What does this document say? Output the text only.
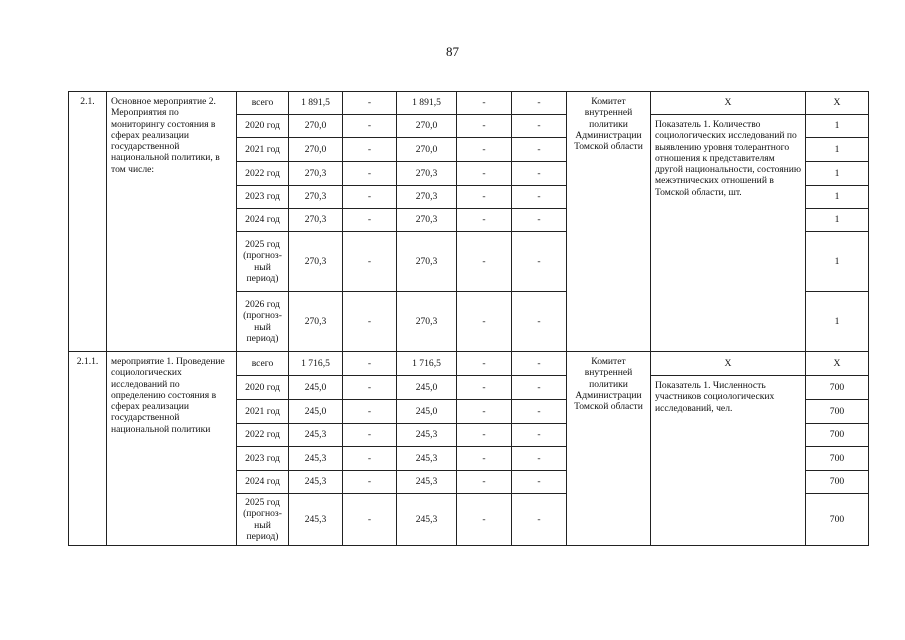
87
2.1.	Основное мероприятие 2. Мероприятия по мониторингу состояния в сферах реализации государственной национальной политики, в том числе:	всего	1 891,5	-	1 891,5	-	-	Комитет внутренней политики Администрации Томской области	Х	Х
		2020 год	270,0	-	270,0	-	-		Показатель 1. Количество социологических исследований по выявлению уровня толерантного отношения к представителям другой национальности, состоянию межэтнических отношений в Томской области, шт.	1
		2021 год	270,0	-	270,0	-	-			1
		2022 год	270,3	-	270,3	-	-			1
		2023 год	270,3	-	270,3	-	-			1
		2024 год	270,3	-	270,3	-	-			1
		2025 год (прогноз-ный период)	270,3	-	270,3	-	-			1
		2026 год (прогноз-ный период)	270,3	-	270,3	-	-			1
2.1.1.	мероприятие 1. Проведение социологических исследований по определению состояния в сферах реализации государственной национальной политики	всего	1 716,5	-	1 716,5	-	-	Комитет внутренней политики Администрации Томской области	Х	Х
		2020 год	245,0	-	245,0	-	-		Показатель 1. Численность участников социологических исследований, чел.	700
		2021 год	245,0	-	245,0	-	-			700
		2022 год	245,3	-	245,3	-	-			700
		2023 год	245,3	-	245,3	-	-			700
		2024 год	245,3	-	245,3	-	-			700
		2025 год (прогноз-ный период)	245,3	-	245,3	-	-			700
